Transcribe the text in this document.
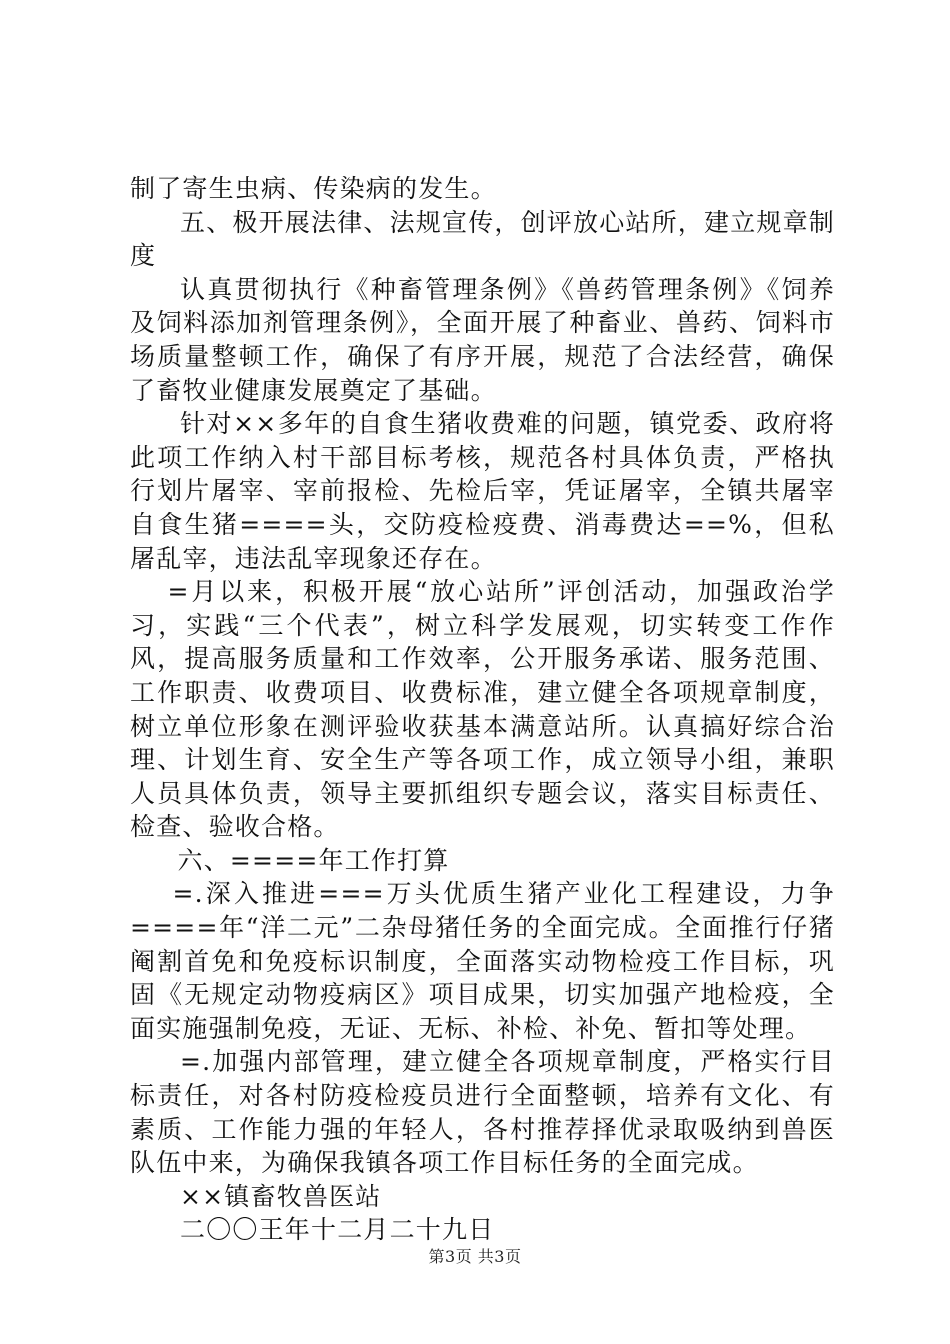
制了寄生虫病、传染病的发生。

五、极开展法律、法规宣传，创评放心站所，建立规章制度

认真贯彻执行《种畜管理条例》《兽药管理条例》《饲养及饲料添加剂管理条例》，全面开展了种畜业、兽药、饲料市场质量整顿工作，确保了有序开展，规范了合法经营，确保了畜牧业健康发展奠定了基础。

针对××多年的自食生猪收费难的问题，镇党委、政府将此项工作纳入村干部目标考核，规范各村具体负责，严格执行划片屠宰、宰前报检、先检后宰，凭证屠宰，全镇共屠宰自食生猪====头，交防疫检疫费、消毒费达==%，但私屠乱宰，违法乱宰现象还存在。

=月以来，积极开展“放心站所”评创活动，加强政治学习，实践“三个代表”，树立科学发展观，切实转变工作作风，提高服务质量和工作效率，公开服务承诺、服务范围、工作职责、收费项目、收费标准，建立健全各项规章制度，树立单位形象在测评验收获基本满意站所。认真搞好综合治理、计划生育、安全生产等各项工作，成立领导小组，兼职人员具体负责，领导主要抓组织专题会议，落实目标责任、检查、验收合格。

六、====年工作打算

=.深入推进===万头优质生猪产业化工程建设，力争====年“洋二元”二杂母猪任务的全面完成。全面推行仔猪阉割首免和免疫标识制度，全面落实动物检疫工作目标，巩固《无规定动物疫病区》项目成果，切实加强产地检疫，全面实施强制免疫，无证、无标、补检、补免、暂扣等处理。

=.加强内部管理，建立健全各项规章制度，严格实行目标责任，对各村防疫检疫员进行全面整顿，培养有文化、有素质、工作能力强的年轻人，各村推荐择优录取吸纳到兽医队伍中来，为确保我镇各项工作目标任务的全面完成。

××镇畜牧兽医站

二〇〇王年十二月二十九日

第3页 共3页
